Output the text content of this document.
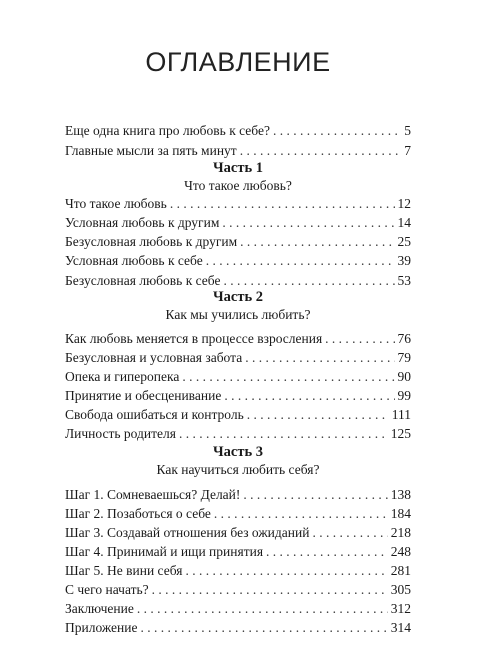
ОГЛАВЛЕНИЕ
Еще одна книга про любовь к себе? . . .	5
Главные мысли за пять минут . . .	7
Часть 1
Что такое любовь?
Что такое любовь . . .	12
Условная любовь к другим . . .	14
Безусловная любовь к другим . . .	25
Условная любовь к себе . . .	39
Безусловная любовь к себе . . .	53
Часть 2
Как мы учились любить?
Как любовь меняется в процессе взросления . . .	76
Безусловная и условная забота . . .	79
Опека и гиперопека . . .	90
Принятие и обесценивание . . .	99
Свобода ошибаться и контроль . . .	111
Личность родителя . . .	125
Часть 3
Как научиться любить себя?
Шаг 1. Сомневаешься? Делай! . . .	138
Шаг 2. Позаботься о себе . . .	184
Шаг 3. Создавай отношения без ожиданий . . .	218
Шаг 4. Принимай и ищи принятия . . .	248
Шаг 5. Не вини себя . . .	281
С чего начать? . . .	305
Заключение . . .	312
Приложение . . .	314
